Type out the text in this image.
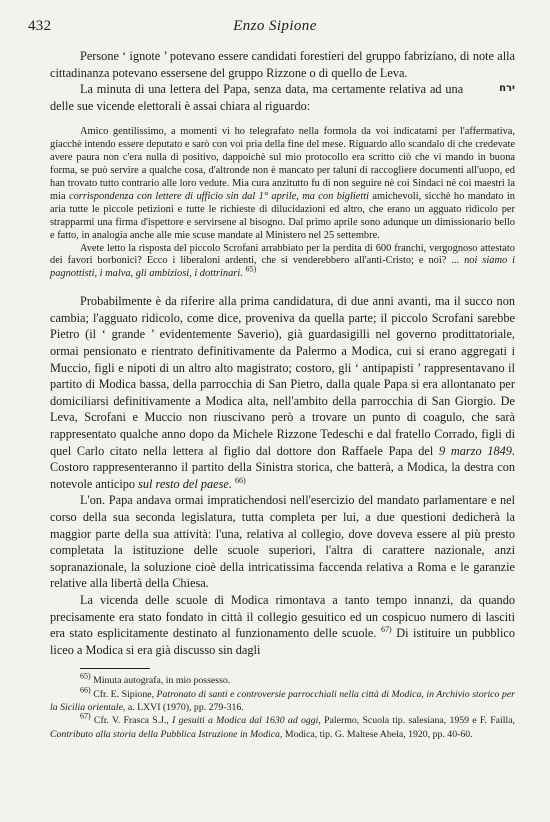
432	Enzo Sipione

Persone ‘ ignote ’ potevano essere candidati forestieri del gruppo fabrizíano, di note alla cittadinanza potevano essersene del gruppo Rizzone o di quello de Leva.

ירח
La minuta di una lettera del Papa, senza data, ma certamente relativa ad una delle sue vicende elettorali è assai chiara al riguardo:

Amico gentilissimo, a momenti vi ho telegrafato nella formola da voi indicatami per l'affermativa, giacchè intendo essere deputato e sarò con voi pria della fine del mese. Riguardo allo scandalo di che credevate avere paura non c'era nulla di positivo, dappoichè sul mio protocollo era scritto ciò che vi mando in buona forma, se può servire a qualche cosa, d'altronde non è mancato per taluni di raccogliere documenti all'uopo, ed han trovato tutto contrario alle loro vedute. Mia cura anzitutto fu di non seguire nè coi Sindaci nè coi maestri la mia corrispondenza con lettere di ufficio sin dal 1° aprile, ma con biglietti amichevoli, sicchè ho mandato in aria tutte le piccole petizioni e tutte le richieste di dilucidazioni ed altro, che erano un agguato ridicolo per strapparmi una firma d'ispettore e servirsene al bisogno. Dal primo aprile sono adunque un dimissionario bello e fatto, in analogia anche alle mie scuse mandate al Ministero nel 25 settembre.

Avete letto la risposta del piccolo Scrofani arrabbiato per la perdita di 600 franchi, vergognoso attestato dei favori borbonici? Ecco i liberaloni ardenti, che si venderebbero all'anti-Cristo; e noi? ... noi siamo i pagnottisti, i malva, gli ambiziosi, i dottrinari. $^{65)}$

Probabilmente è da riferire alla prima candidatura, di due anni avanti, ma il succo non cambia; l'agguato ridicolo, come dice, proveniva da quella parte; il piccolo Scrofani sarebbe Pietro (il ‘ grande ’ evidentemente Saverio), già guardasigilli nel governo prodittatoriale, ormai pensionato e rientrato definitivamente da Palermo a Modica, cui si erano aggregati i Muccio, figli e nipoti di un altro alto magistrato; costoro, gli ‘ antipapisti ’ rappresentavano il partito di Modica bassa, della parrocchia di San Pietro, dalla quale Papa si era allontanato per domiciliarsi definitivamente a Modica alta, nell'ambito della parrocchia di San Giorgio. De Leva, Scrofani e Muccio non riuscivano però a trovare un punto di coagulo, che sarà rappresentato qualche anno dopo da Michele Rizzone Tedeschi e dal fratello Corrado, figli di quel Carlo citato nella lettera al figlio dal dottore don Raffaele Papa del 9 marzo 1849. Costoro rappresenteranno il partito della Sinistra storica, che batterà, a Modica, la destra con notevole anticipo sul resto del paese. $^{66)}$

L'on. Papa andava ormai impratichendosi nell'esercizio del mandato parlamentare e nel corso della sua seconda legislatura, tutta completa per lui, a due questioni dedicherà la maggior parte della sua attività: l'una, relativa al collegio, dove doveva essere al più presto completata la istituzione delle scuole superiori, l'altra di carattere nazionale, anzi sopranazionale, la soluzione cioè della intricatissima faccenda relativa a Roma e le garanzie relative alla libertà della Chiesa.

La vicenda delle scuole di Modica rimontava a tanto tempo innanzi, da quando precisamente era stato fondato in città il collegio gesuitico ed un cospicuo numero di lasciti era stato esplicitamente destinato al funzionamento delle scuole. $^{67)}$ Di istituire un pubblico liceo a Modica si era già discusso sin dagli

$^{65)}$ Minuta autografa, in mio possesso.

$^{66)}$ Cfr. E. Sipione, Patronato di santi e controversie parrocchiali nella città di Modica, in Archivio storico per la Sicilia orientale, a. LXVI (1970), pp. 279-316.

$^{67)}$ Cfr. V. Frasca S.J., I gesuiti a Modica dal 1630 ad oggi, Palermo, Scuola tip. salesiana, 1959 e F. Failla, Contributo alla storia della Pubblica Istruzione in Modica, Modica, tip. G. Maltese Abela, 1920, pp. 40-60.
